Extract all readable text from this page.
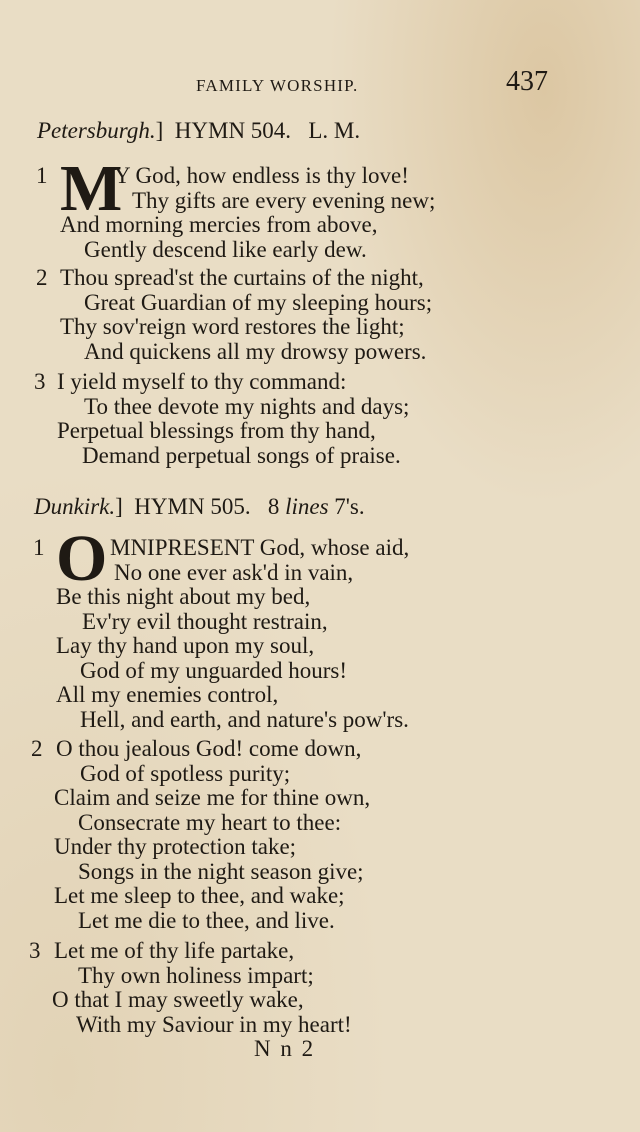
FAMILY WORSHIP.	437
Petersburgh.] HYMN 504. L. M.
1 M
Y God, how endless is thy love!
Thy gifts are every evening new;
And morning mercies from above,
Gently descend like early dew.
2 Thou spread'st the curtains of the night,
Great Guardian of my sleeping hours;
Thy sov'reign word restores the light;
And quickens all my drowsy powers.
3 I yield myself to thy command:
To thee devote my nights and days;
Perpetual blessings from thy hand,
Demand perpetual songs of praise.
Dunkirk.] HYMN 505. 8 lines 7's.
1 O MNIPRESENT God, whose aid,
No one ever ask'd in vain,
Be this night about my bed,
Ev'ry evil thought restrain,
Lay thy hand upon my soul,
God of my unguarded hours!
All my enemies control,
Hell, and earth, and nature's pow'rs.
2 O thou jealous God! come down,
God of spotless purity;
Claim and seize me for thine own,
Consecrate my heart to thee:
Under thy protection take;
Songs in the night season give;
Let me sleep to thee, and wake;
Let me die to thee, and live.
3 Let me of thy life partake,
Thy own holiness impart;
O that I may sweetly wake,
With my Saviour in my heart!
N n 2
